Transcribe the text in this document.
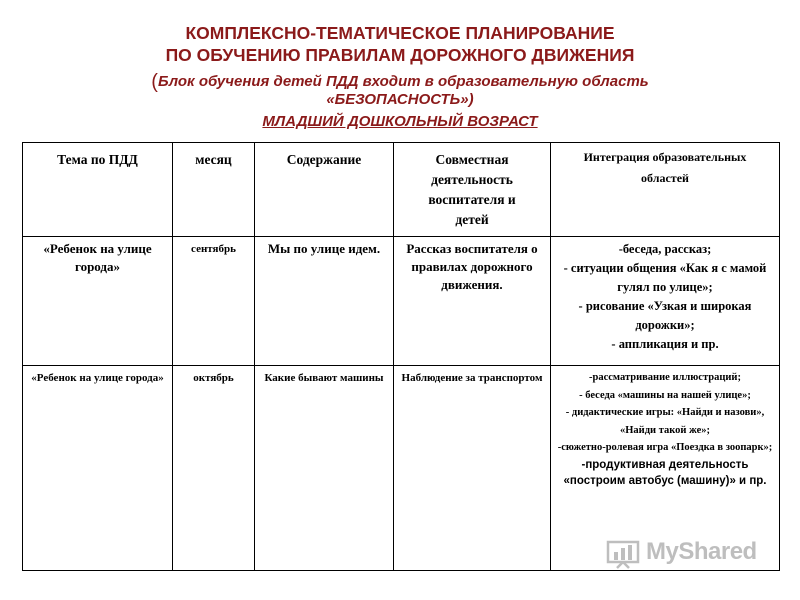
КОМПЛЕКСНО-ТЕМАТИЧЕСКОЕ ПЛАНИРОВАНИЕ
ПО ОБУЧЕНИЮ ПРАВИЛАМ ДОРОЖНОГО ДВИЖЕНИЯ
(Блок обучения детей ПДД входит в образовательную область
«БЕЗОПАСНОСТЬ»)
МЛАДШИЙ ДОШКОЛЬНЫЙ ВОЗРАСТ
Тема по ПДД	месяц	Содержание	Совместная
деятельность
воспитателя и
детей	Интеграция образовательных
областей

«Ребенок на улице города»	сентябрь	Мы по улице идем.	Рассказ воспитателя о правилах дорожного движения.	-беседа, рассказ;
- ситуации общения «Как я с мамой гулял по улице»;
- рисование «Узкая и широкая дорожки»;
- аппликация и пр.

«Ребенок на улице города»	октябрь	Какие бывают машины	Наблюдение за транспортом	-рассматривание иллюстраций;
- беседа «машины на нашей улице»;
- дидактические игры: «Найди и назови», «Найди такой же»;
-сюжетно-ролевая игра «Поездка в зоопарк»;
-продуктивная деятельность «построим автобус (машину)» и пр.
MyShared
